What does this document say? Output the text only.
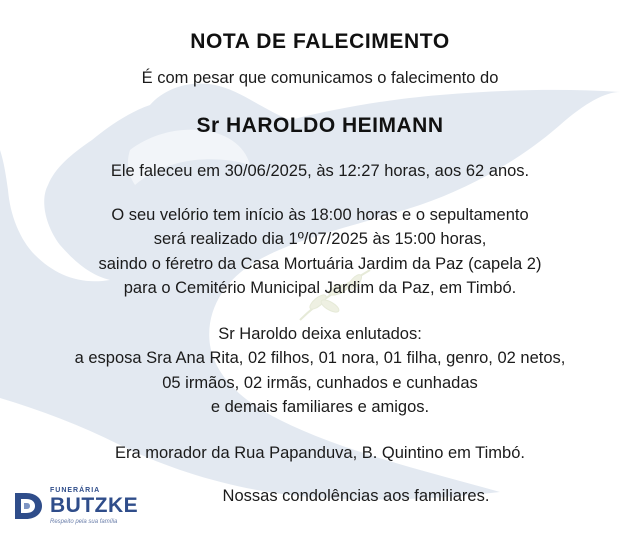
NOTA DE FALECIMENTO
É com pesar que comunicamos o falecimento do
Sr HAROLDO HEIMANN
Ele faleceu em 30/06/2025, às 12:27 horas, aos 62 anos.
O seu velório tem início às 18:00 horas e o sepultamento
será realizado dia 1º/07/2025 às 15:00 horas,
saindo o féretro da Casa Mortuária Jardim da Paz (capela 2)
para o Cemitério Municipal Jardim da Paz, em Timbó.
Sr Haroldo deixa enlutados:
a esposa Sra Ana Rita, 02 filhos, 01 nora, 01 filha, genro, 02 netos,
05 irmãos, 02 irmãs, cunhados e cunhadas
e demais familiares e amigos.
Era morador da Rua Papanduva, B. Quintino em Timbó.
Nossas condolências aos familiares.
FUNERÁRIA
BUTZKE
Respeito pela sua família
